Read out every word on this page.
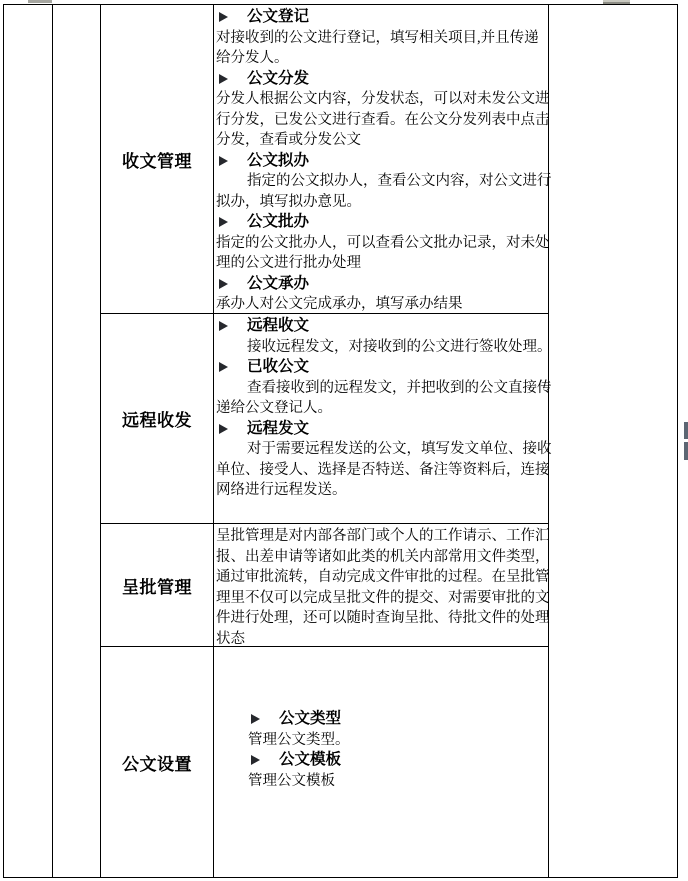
收文管理
公文登记
对接收到的公文进行登记，填写相关项目,并且传递
给分发人。
公文分发
分发人根据公文内容，分发状态，可以对未发公文进
行分发，已发公文进行查看。在公文分发列表中点击
分发，查看或分发公文
公文拟办
指定的公文拟办人，查看公文内容，对公文进行
拟办，填写拟办意见。
公文批办
指定的公文批办人，可以查看公文批办记录，对未处
理的公文进行批办处理
公文承办
承办人对公文完成承办，填写承办结果
远程收发
远程收文
接收远程发文，对接收到的公文进行签收处理。
已收公文
查看接收到的远程发文，并把收到的公文直接传
递给公文登记人。
远程发文
对于需要远程发送的公文，填写发文单位、接收
单位、接受人、选择是否特送、备注等资料后，连接
网络进行远程发送。
呈批管理
呈批管理是对内部各部门或个人的工作请示、工作汇
报、出差申请等诸如此类的机关内部常用文件类型，
通过审批流转，自动完成文件审批的过程。在呈批管
理里不仅可以完成呈批文件的提交、对需要审批的文
件进行处理，还可以随时查询呈批、待批文件的处理
状态
公文设置
公文类型
管理公文类型。
公文模板
管理公文模板
